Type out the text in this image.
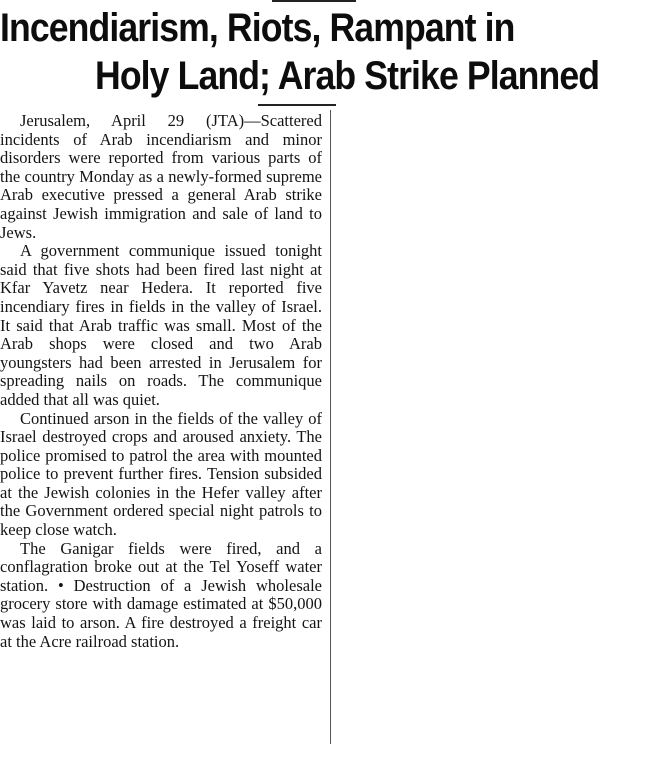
Incendiarism, Riots, Rampant in
Holy Land; Arab Strike Planned

Jerusalem, April 29 (JTA)—Scattered incidents of Arab incendiarism and minor disorders were reported from various parts of the country Monday as a newly-formed supreme Arab executive pressed a general Arab strike against Jewish immigration and sale of land to Jews.

A government communique issued tonight said that five shots had been fired last night at Kfar Yavetz near Hedera. It reported five incendiary fires in fields in the valley of Israel. It said that Arab traffic was small. Most of the Arab shops were closed and two Arab youngsters had been arrested in Jerusalem for spreading nails on roads. The communique added that all was quiet.

Continued arson in the fields of the valley of Israel destroyed crops and aroused anxiety. The police promised to patrol the area with mounted police to prevent further fires. Tension subsided at the Jewish colonies in the Hefer valley after the Government ordered special night patrols to keep close watch.

The Ganigar fields were fired, and a conflagration broke out at the Tel Yoseff water station. • Destruction of a Jewish wholesale grocery store with damage estimated at $50,000 was laid to arson. A fire destroyed a freight car at the Acre railroad station.
